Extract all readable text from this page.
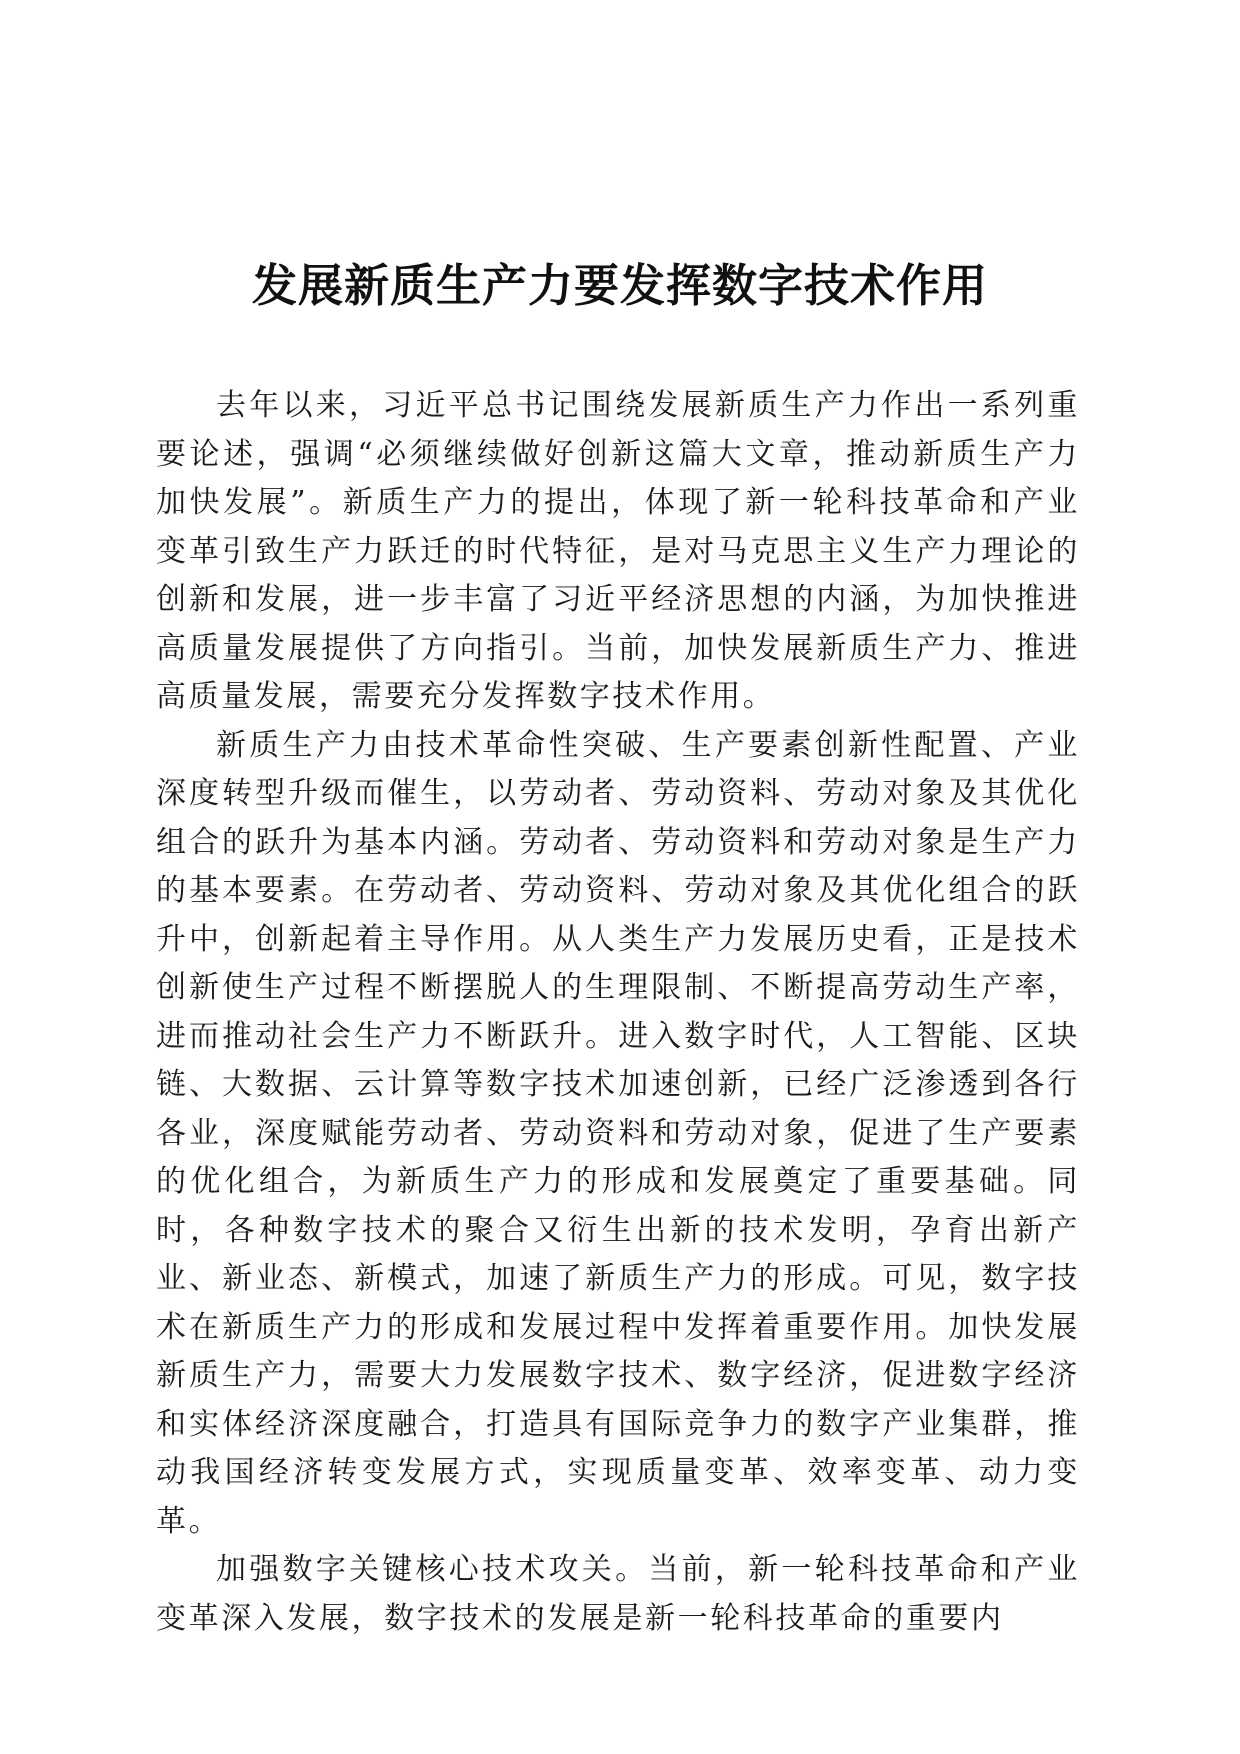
发展新质生产力要发挥数字技术作用

去年以来，习近平总书记围绕发展新质生产力作出一系列重要论述，强调“必须继续做好创新这篇大文章，推动新质生产力加快发展”。新质生产力的提出，体现了新一轮科技革命和产业变革引致生产力跃迁的时代特征，是对马克思主义生产力理论的创新和发展，进一步丰富了习近平经济思想的内涵，为加快推进高质量发展提供了方向指引。当前，加快发展新质生产力、推进高质量发展，需要充分发挥数字技术作用。

新质生产力由技术革命性突破、生产要素创新性配置、产业深度转型升级而催生，以劳动者、劳动资料、劳动对象及其优化组合的跃升为基本内涵。劳动者、劳动资料和劳动对象是生产力的基本要素。在劳动者、劳动资料、劳动对象及其优化组合的跃升中，创新起着主导作用。从人类生产力发展历史看，正是技术创新使生产过程不断摆脱人的生理限制、不断提高劳动生产率，进而推动社会生产力不断跃升。进入数字时代，人工智能、区块链、大数据、云计算等数字技术加速创新，已经广泛渗透到各行各业，深度赋能劳动者、劳动资料和劳动对象，促进了生产要素的优化组合，为新质生产力的形成和发展奠定了重要基础。同时，各种数字技术的聚合又衍生出新的技术发明，孕育出新产业、新业态、新模式，加速了新质生产力的形成。可见，数字技术在新质生产力的形成和发展过程中发挥着重要作用。加快发展新质生产力，需要大力发展数字技术、数字经济，促进数字经济和实体经济深度融合，打造具有国际竞争力的数字产业集群，推动我国经济转变发展方式，实现质量变革、效率变革、动力变革。

加强数字关键核心技术攻关。当前，新一轮科技革命和产业变革深入发展，数字技术的发展是新一轮科技革命的重要内
